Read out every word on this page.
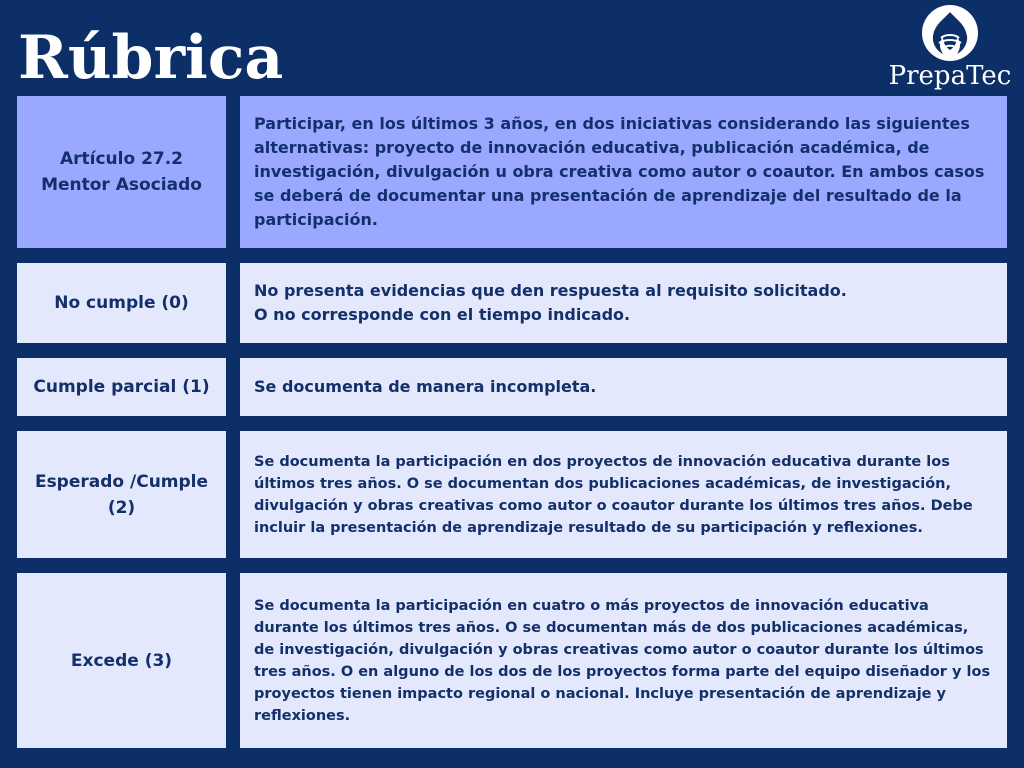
Rúbrica	PrepaTec
Artículo 27.2
Mentor Asociado
Participar, en los últimos 3 años, en dos iniciativas considerando las siguientes alternativas: proyecto de innovación educativa, publicación académica, de investigación, divulgación u obra creativa como autor o coautor. En ambos casos se deberá de documentar una presentación de aprendizaje del resultado de la participación.
No cumple (0)
No presenta evidencias que den respuesta al requisito solicitado.
O no corresponde con el tiempo indicado.
Cumple parcial (1)	Se documenta de manera incompleta.
Esperado /Cumple (2)
Se documenta la participación en dos proyectos de innovación educativa durante los últimos tres años. O se documentan dos publicaciones académicas, de investigación, divulgación y obras creativas como autor o coautor durante los últimos tres años. Debe incluir la presentación de aprendizaje resultado de su participación y reflexiones.
Excede (3)
Se documenta la participación en cuatro o más proyectos de innovación educativa durante los últimos tres años. O se documentan más de dos publicaciones académicas, de investigación, divulgación y obras creativas como autor o coautor durante los últimos tres años. O en alguno de los dos de los proyectos forma parte del equipo diseñador y los proyectos tienen impacto regional o nacional. Incluye presentación de aprendizaje y reflexiones.
